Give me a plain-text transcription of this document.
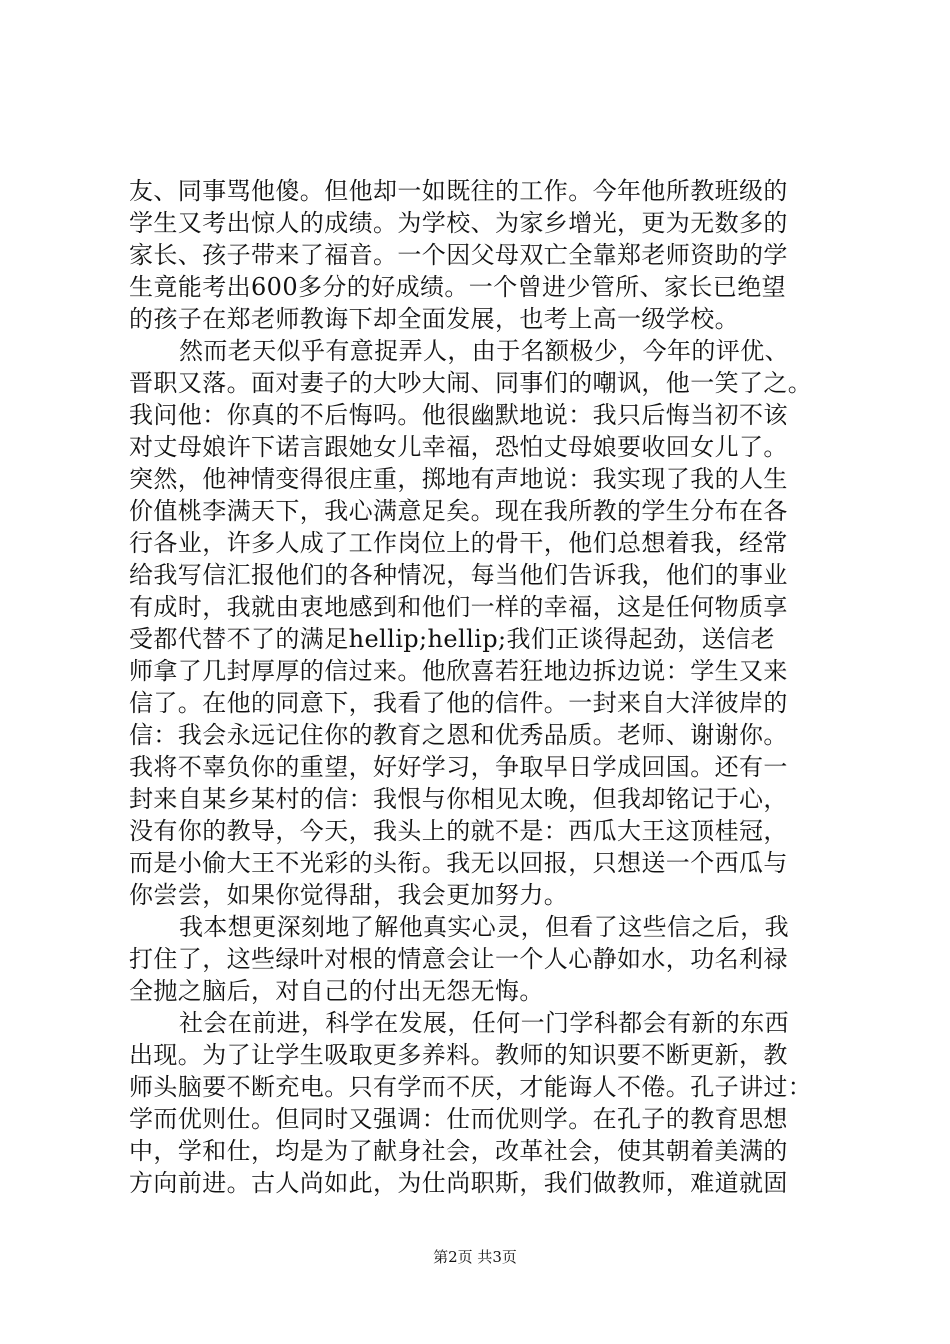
友、同事骂他傻。但他却一如既往的工作。今年他所教班级的
学生又考出惊人的成绩。为学校、为家乡增光，更为无数多的
家长、孩子带来了福音。一个因父母双亡全靠郑老师资助的学
生竟能考出600多分的好成绩。一个曾进少管所、家长已绝望
的孩子在郑老师教诲下却全面发展，也考上高一级学校。
然而老天似乎有意捉弄人，由于名额极少，今年的评优、
晋职又落。面对妻子的大吵大闹、同事们的嘲讽，他一笑了之。
我问他：你真的不后悔吗。他很幽默地说：我只后悔当初不该
对丈母娘许下诺言跟她女儿幸福，恐怕丈母娘要收回女儿了。
突然，他神情变得很庄重，掷地有声地说：我实现了我的人生
价值桃李满天下，我心满意足矣。现在我所教的学生分布在各
行各业，许多人成了工作岗位上的骨干，他们总想着我，经常
给我写信汇报他们的各种情况，每当他们告诉我，他们的事业
有成时，我就由衷地感到和他们一样的幸福，这是任何物质享
受都代替不了的满足hellip;hellip;我们正谈得起劲，送信老
师拿了几封厚厚的信过来。他欣喜若狂地边拆边说：学生又来
信了。在他的同意下，我看了他的信件。一封来自大洋彼岸的
信：我会永远记住你的教育之恩和优秀品质。老师、谢谢你。
我将不辜负你的重望，好好学习，争取早日学成回国。还有一
封来自某乡某村的信：我恨与你相见太晚，但我却铭记于心，
没有你的教导，今天，我头上的就不是：西瓜大王这顶桂冠，
而是小偷大王不光彩的头衔。我无以回报，只想送一个西瓜与
你尝尝，如果你觉得甜，我会更加努力。
我本想更深刻地了解他真实心灵，但看了这些信之后，我
打住了，这些绿叶对根的情意会让一个人心静如水，功名利禄
全抛之脑后，对自己的付出无怨无悔。
社会在前进，科学在发展，任何一门学科都会有新的东西
出现。为了让学生吸取更多养料。教师的知识要不断更新，教
师头脑要不断充电。只有学而不厌，才能诲人不倦。孔子讲过：
学而优则仕。但同时又强调：仕而优则学。在孔子的教育思想
中，学和仕，均是为了献身社会，改革社会，使其朝着美满的
方向前进。古人尚如此，为仕尚职斯，我们做教师，难道就固
第2页 共3页
